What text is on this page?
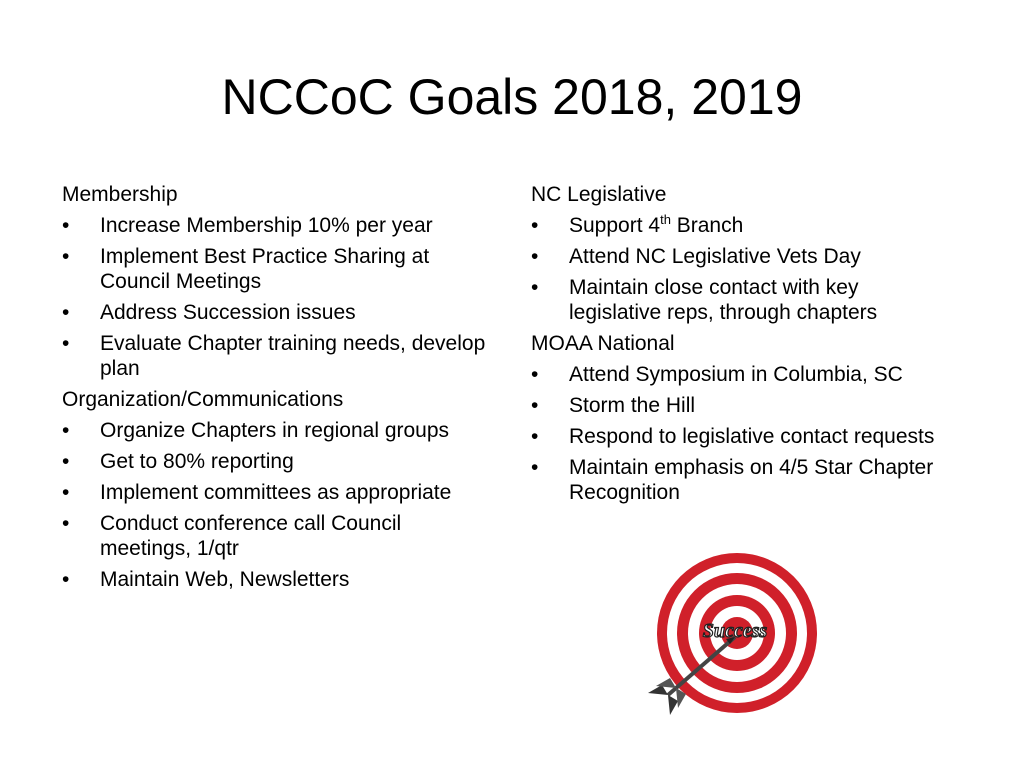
NCCoC Goals 2018, 2019
Membership
•	Increase Membership 10% per year
•	Implement Best Practice Sharing at Council Meetings
•	Address Succession issues
•	Evaluate Chapter training needs, develop plan
Organization/Communications
•	Organize Chapters in regional groups
•	Get to 80% reporting
•	Implement committees as appropriate
•	Conduct conference call Council meetings, 1/qtr
•	Maintain Web, Newsletters
NC Legislative
•	Support 4th Branch
•	Attend NC Legislative Vets Day
•	Maintain close contact with key legislative reps, through chapters
MOAA National
•	Attend Symposium in Columbia, SC
•	Storm the Hill
•	Respond to legislative contact requests
•	Maintain emphasis on 4/5 Star Chapter Recognition
Success
